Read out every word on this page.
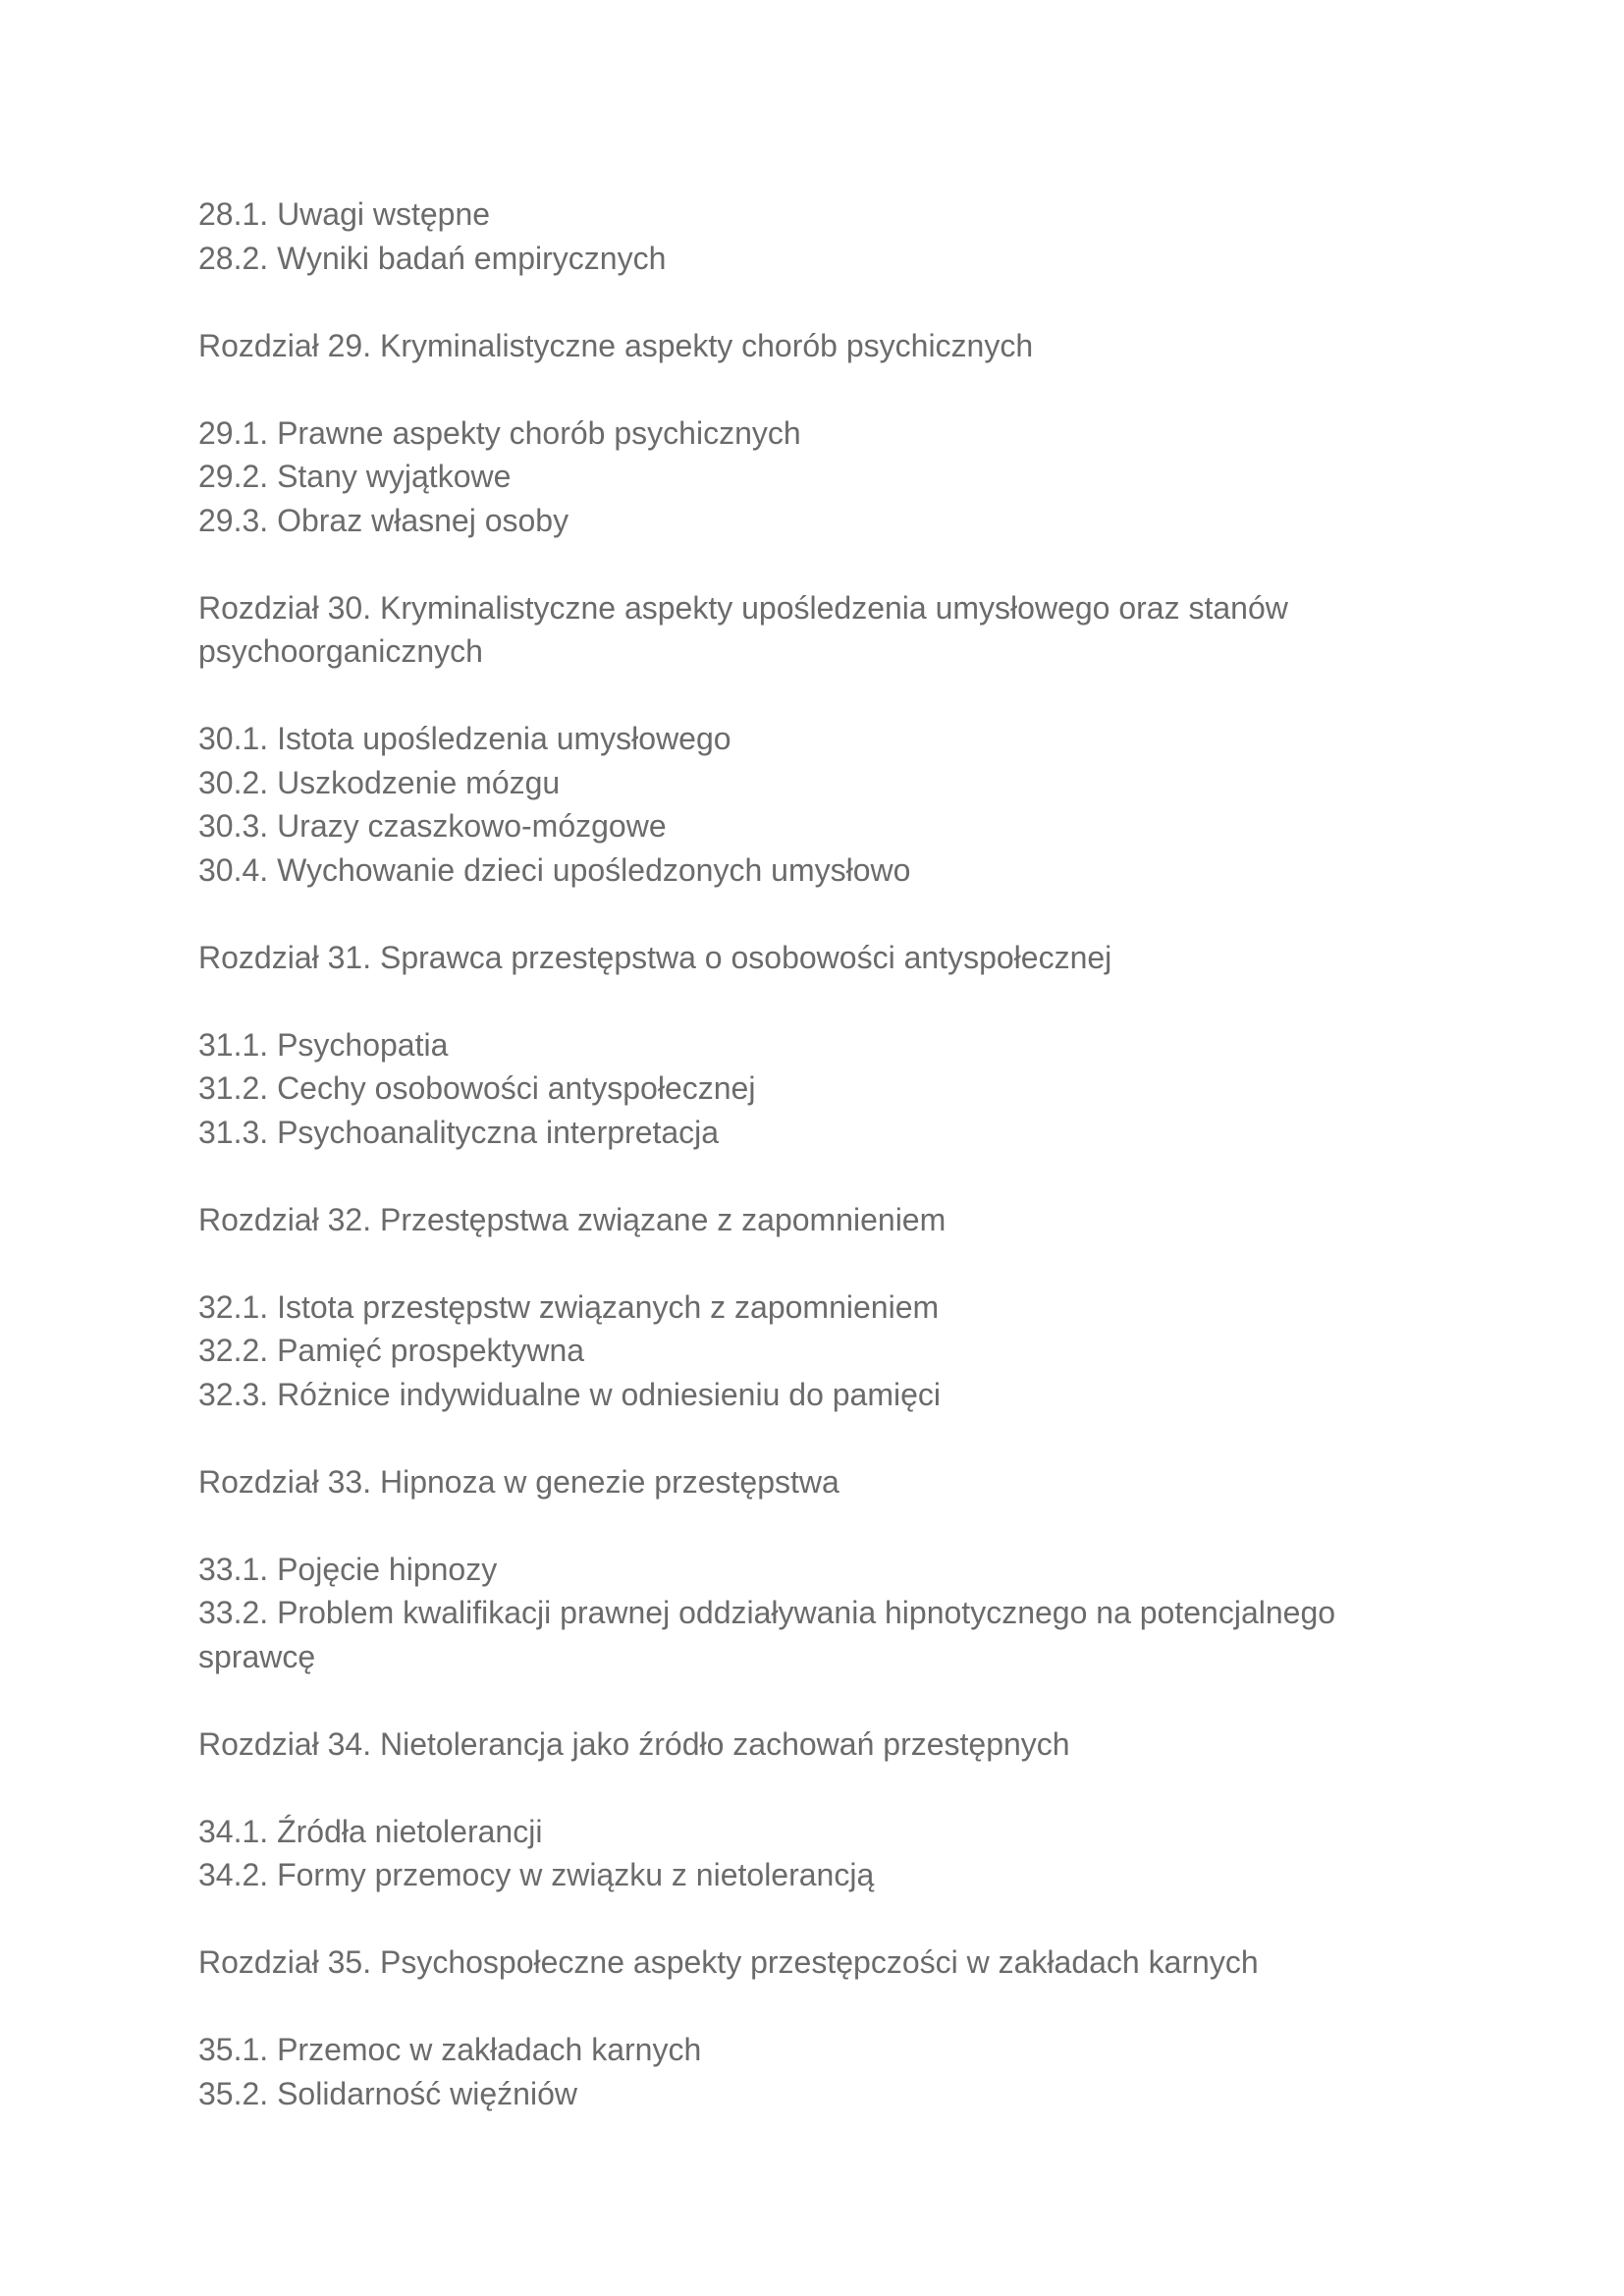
28.1. Uwagi wstępne

28.2. Wyniki badań empirycznych

Rozdział 29. Kryminalistyczne aspekty chorób psychicznych

29.1. Prawne aspekty chorób psychicznych

29.2. Stany wyjątkowe

29.3. Obraz własnej osoby

Rozdział 30. Kryminalistyczne aspekty upośledzenia umysłowego oraz stanów

psychoorganicznych

30.1. Istota upośledzenia umysłowego

30.2. Uszkodzenie mózgu

30.3. Urazy czaszkowo-mózgowe

30.4. Wychowanie dzieci upośledzonych umysłowo

Rozdział 31. Sprawca przestępstwa o osobowości antyspołecznej

31.1. Psychopatia

31.2. Cechy osobowości antyspołecznej

31.3. Psychoanalityczna interpretacja

Rozdział 32. Przestępstwa związane z zapomnieniem

32.1. Istota przestępstw związanych z zapomnieniem

32.2. Pamięć prospektywna

32.3. Różnice indywidualne w odniesieniu do pamięci

Rozdział 33. Hipnoza w genezie przestępstwa

33.1. Pojęcie hipnozy

33.2. Problem kwalifikacji prawnej oddziaływania hipnotycznego na potencjalnego

sprawcę

Rozdział 34. Nietolerancja jako źródło zachowań przestępnych

34.1. Źródła nietolerancji

34.2. Formy przemocy w związku z nietolerancją

Rozdział 35. Psychospołeczne aspekty przestępczości w zakładach karnych

35.1. Przemoc w zakładach karnych

35.2. Solidarność więźniów
